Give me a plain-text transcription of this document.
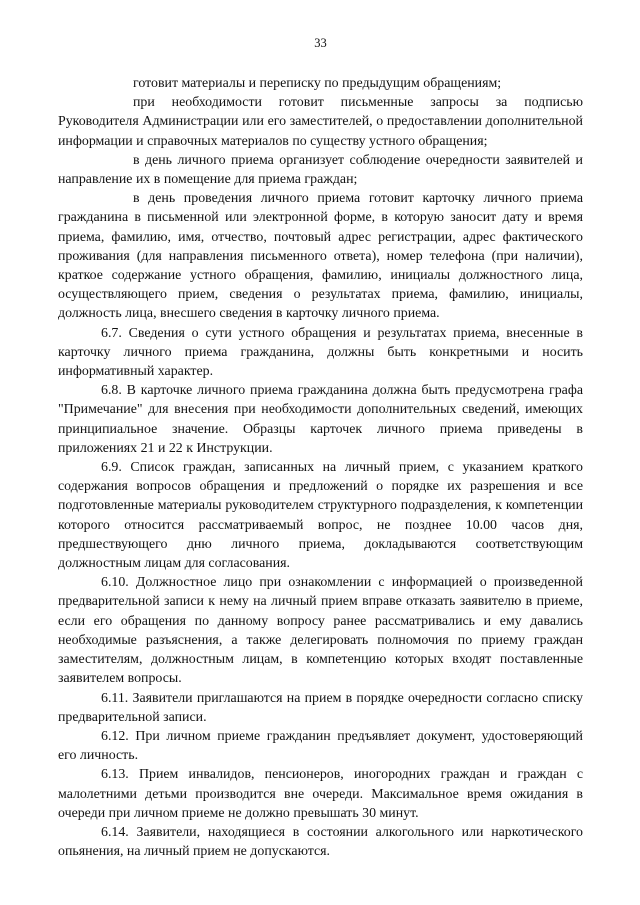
33

готовит материалы и переписку по предыдущим обращениям;

при необходимости готовит письменные запросы за подписью Руководителя Администрации или его заместителей, о предоставлении дополнительной информации и справочных материалов по существу устного обращения;

в день личного приема организует соблюдение очередности заявителей и направление их в помещение для приема граждан;

в день проведения личного приема готовит карточку личного приема гражданина в письменной или электронной форме, в которую заносит дату и время приема, фамилию, имя, отчество, почтовый адрес регистрации, адрес фактического проживания (для направления письменного ответа), номер телефона (при наличии), краткое содержание устного обращения, фамилию, инициалы должностного лица, осуществляющего прием, сведения о результатах приема, фамилию, инициалы, должность лица, внесшего сведения в карточку личного приема.

6.7. Сведения о сути устного обращения и результатах приема, внесенные в карточку личного приема гражданина, должны быть конкретными и носить информативный характер.

6.8. В карточке личного приема гражданина должна быть предусмотрена графа "Примечание" для внесения при необходимости дополнительных сведений, имеющих принципиальное значение. Образцы карточек личного приема приведены в приложениях 21 и 22 к Инструкции.

6.9. Список граждан, записанных на личный прием, с указанием краткого содержания вопросов обращения и предложений о порядке их разрешения и все подготовленные материалы руководителем структурного подразделения, к компетенции которого относится рассматриваемый вопрос, не позднее 10.00 часов дня, предшествующего дню личного приема, докладываются соответствующим должностным лицам для согласования.

6.10. Должностное лицо при ознакомлении с информацией о произведенной предварительной записи к нему на личный прием вправе отказать заявителю в приеме, если его обращения по данному вопросу ранее рассматривались и ему давались необходимые разъяснения, а также делегировать полномочия по приему граждан заместителям, должностным лицам, в компетенцию которых входят поставленные заявителем вопросы.

6.11. Заявители приглашаются на прием в порядке очередности согласно списку предварительной записи.

6.12. При личном приеме гражданин предъявляет документ, удостоверяющий его личность.

6.13. Прием инвалидов, пенсионеров, иногородних граждан и граждан с малолетними детьми производится вне очереди. Максимальное время ожидания в очереди при личном приеме не должно превышать 30 минут.

6.14. Заявители, находящиеся в состоянии алкогольного или наркотического опьянения, на личный прием не допускаются.
